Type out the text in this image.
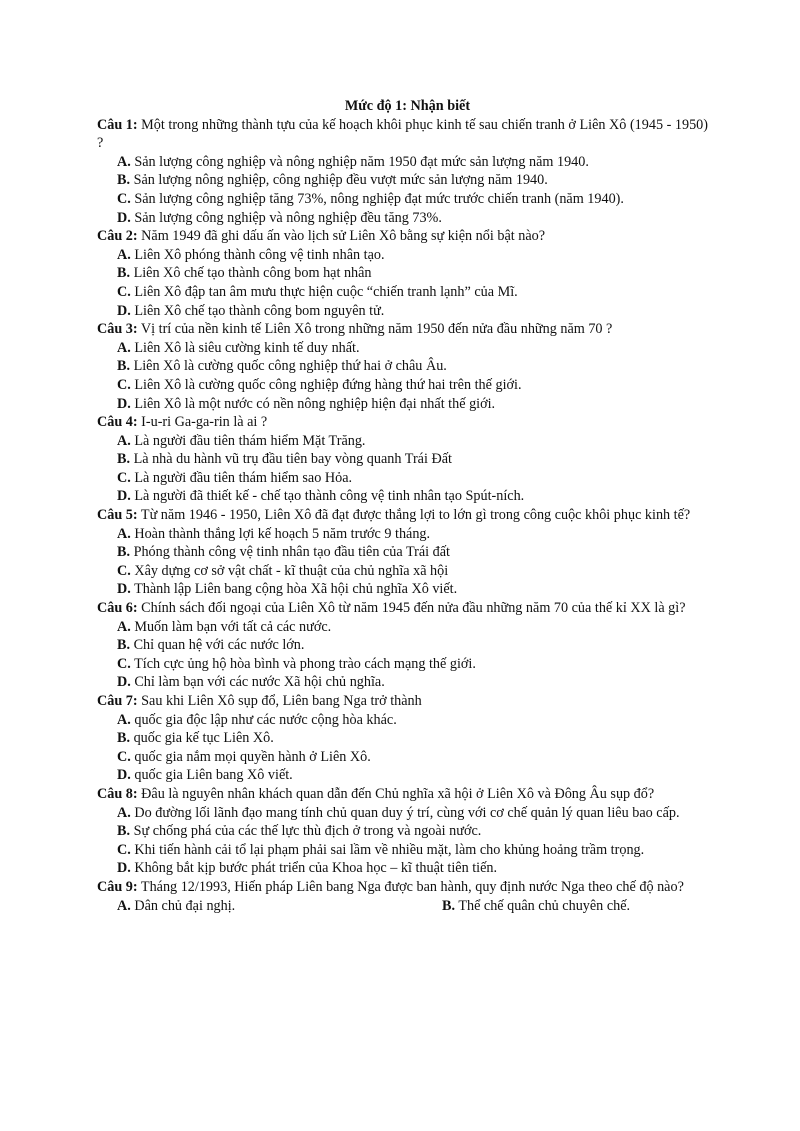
Mức độ 1: Nhận biết

Câu 1: Một trong những thành tựu của kế hoạch khôi phục kinh tế sau chiến tranh ở Liên Xô (1945 - 1950) ?

A. Sản lượng công nghiệp và nông nghiệp năm 1950 đạt mức sản lượng năm 1940.

B. Sản lượng nông nghiệp, công nghiệp đều vượt mức sản lượng năm 1940.

C. Sản lượng công nghiệp tăng 73%, nông nghiệp đạt mức trước chiến tranh (năm 1940).

D. Sản lượng công nghiệp và nông nghiệp đều tăng 73%.

Câu 2: Năm 1949 đã ghi dấu ấn vào lịch sử Liên Xô bằng sự kiện nổi bật nào?

A. Liên Xô phóng thành công vệ tinh nhân tạo.

B. Liên Xô chế tạo thành công bom hạt nhân

C. Liên Xô đập tan âm mưu thực hiện cuộc “chiến tranh lạnh” của Mĩ.

D. Liên Xô chế tạo thành công bom nguyên tử.

Câu 3: Vị trí của nền kinh tế Liên Xô trong những năm 1950 đến nửa đầu những năm 70 ?

A. Liên Xô là siêu cường kinh tế duy nhất.

B. Liên Xô là cường quốc công nghiệp thứ hai ở châu Âu.

C. Liên Xô là cường quốc công nghiệp đứng hàng thứ hai trên thế giới.

D. Liên Xô là một nước có nền nông nghiệp hiện đại nhất thế giới.

Câu 4: I-u-ri Ga-ga-rin là ai ?

A. Là người đầu tiên thám hiểm Mặt Trăng.

B. Là nhà du hành vũ trụ đầu tiên bay vòng quanh Trái Đất

C. Là người đầu tiên thám hiểm sao Hỏa.

D. Là người đã thiết kế - chế tạo thành công vệ tinh nhân tạo Spút-ních.

Câu 5: Từ năm 1946 - 1950, Liên Xô đã đạt được thắng lợi to lớn gì trong công cuộc khôi phục kinh tế?

A. Hoàn thành thắng lợi kế hoạch 5 năm trước 9 tháng.

B. Phóng thành công vệ tinh nhân tạo đầu tiên của Trái đất

C. Xây dựng cơ sở vật chất - kĩ thuật của chủ nghĩa xã hội

D. Thành lập Liên bang cộng hòa Xã hội chủ nghĩa Xô viết.

Câu 6: Chính sách đối ngoại của Liên Xô từ năm 1945 đến nửa đầu những năm 70 của thế kỉ XX là gì?

A. Muốn làm bạn với tất cả các nước.

B. Chỉ quan hệ với các nước lớn.

C. Tích cực ủng hộ hòa bình và phong trào cách mạng thế giới.

D. Chỉ làm bạn với các nước Xã hội chủ nghĩa.

Câu 7: Sau khi Liên Xô sụp đổ, Liên bang Nga trở thành

A. quốc gia độc lập như các nước cộng hòa khác.

B. quốc gia kế tục Liên Xô.

C. quốc gia nắm mọi quyền hành ở Liên Xô.

D. quốc gia Liên bang Xô viết.

Câu 8: Đâu là nguyên nhân khách quan dẫn đến Chủ nghĩa xã hội ở Liên Xô và Đông Âu sụp đổ?

A. Do đường lối lãnh đạo mang tính chủ quan duy ý trí, cùng với cơ chế quản lý quan liêu bao cấp.

B. Sự chống phá của các thế lực thù địch ở trong và ngoài nước.

C. Khi tiến hành cải tổ lại phạm phải sai lầm về nhiều mặt, làm cho khủng hoảng trầm trọng.

D. Không bắt kịp bước phát triển của Khoa học – kĩ thuật tiên tiến.

Câu 9: Tháng 12/1993, Hiến pháp Liên bang Nga được ban hành, quy định nước Nga theo chế độ nào?

A. Dân chủ đại nghị.	B. Thể chế quân chủ chuyên chế.
